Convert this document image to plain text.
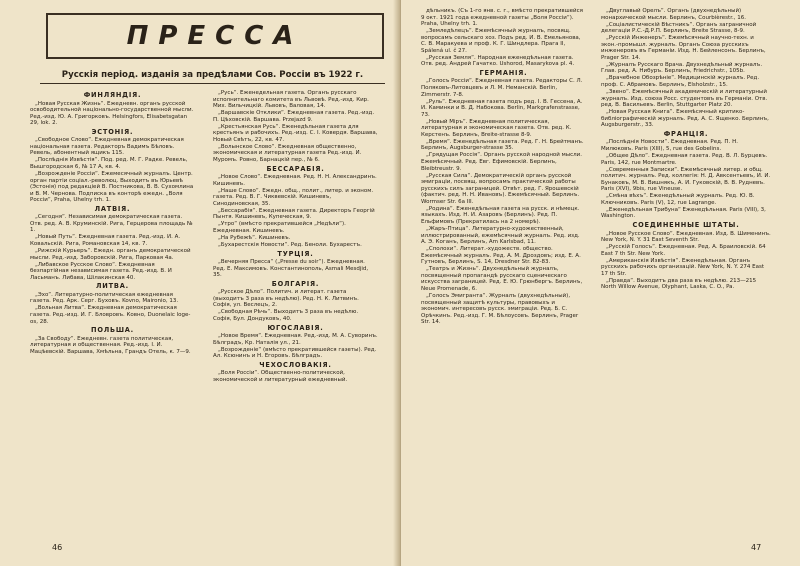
ПРЕССА
Русскія період. изданія за предѣлами Сов. Россіи въ 1922 г.
ФИНЛЯНДІЯ.
„Новая Русская Жизнь“. Ежедневн. органъ русской освободительной національно-государственной мысли. Ред.-изд. Ю. А. Григорковъ. Helsingfors, Elisabetsgatan 29, lok. 2.
ЭСТОНІЯ.
„Свободное Слово“. Ежедневная демократическая національная газета. Редакторъ Вадимъ Бѣловъ. Ревель, абонентный ящикъ 115.
„Послѣднія Извѣстія“. Под. ред. М. Г. Радке. Ревель, Вышгородская 6, № 17 А, кв. 4.
„Возрожденіе Россіи“. Ежемесячный журналъ. Центр. орган партіи соціал.-революц. Выходитъ въ Юрьевѣ (Эстонія) под редакціей В. Постникова, В. В. Сухомлина и В. М. Чернова. Подписка въ конторѣ ежедн. „Воля Россіи“, Praha, Uhelny trh. 1.
ЛАТВІЯ.
„Сегодня“. Независимая демократическая газета. Отв. ред. А. В. Круминскій. Рига, Герцерова площадь № 1.
„Новый Путь“. Ежедневная газета. Ред.-изд. И. А. Ковальскій. Рига, Романовская 14, кв. 7.
„Рижскій Курьеръ“. Ежедн. органъ демократической мысли. Ред.-изд. Заборовскій. Рига, Парковая 4а.
„Либавское Русское Слово“. Ежедневная безпартійная независимая газета. Ред.-изд. В. И Ласьманъ. Либава, Шілакинская 40.
ЛИТВА.
„Эхо“. Литературно-политическая ежедневная газета. Ред. Арк. Серг. Буховъ. Kovno, Maironio, 13.
„Вольная Литва“. Ежедневная демократическая газета. Ред.-изд. И. Г. Бловровъ. Ковно, Duonelaic loge-os, 28.
ПОЛЬША.
„За Свободу“. Ежедневн. газета политическая, литературная и общественная. Ред.-изд. І. И. Мацѣевскій. Варшава, Хмѣльна, Грандъ Отель, к. 7—9.
„Русь“. Еженедельная газета. Органъ русскаго исполнительнаго комитета въ Львовѣ. Ред.-изд. Кир. Мих. Вильчицкій. Львовъ, Валовая, 14.
„Варшавскіе Отклики“. Ежедневная газета. Ред.-изд. П. Цѣховскій. Варшава. Przejazd 9.
„Крестьянская Русь“. Еженедѣльная газета для крестьянъ и рабочихъ. Ред.-изд. С. І. Ковердя. Варшава, Новый Свѣтъ, 22, кв. 47.
„Волынское Слово“. Ежедневная общественно, экономическая и литературная газета Ред.-изд. И. Муромъ. Ровно, Барнацкій пер., № 6.
БЕССАРАБІЯ.
„Новое Слово“. Ежедневная. Ред. Н. Н. Александринъ. Кишиневъ.
„Наше Слово“. Ежедн. общ., полит., литер. и эконом. газета. Ред. В. Г. Чиквевскій. Кишиневъ, Синодиновская, 35.
„Бессарабія“. Ежедневная газета. Директоръ Георгій Пынтя. Кишиневъ, Купеческая, 9.
„Утро“ (вмѣсто прекратившейся „Недѣли“). Ежедневная. Кишиневъ.
„На Рубежѣ“. Кишиневъ.
„Бухарестскія Новости“. Ред. Беноли. Бухарестъ.
ТУРЦІЯ.
„Вечерняя Пресса“ („Presse du soir“). Ежедневная. Ред. Е. Максимовъ. Константинополь, Asmali Mesdjid, 35.
БОЛГАРІЯ.
„Русское Дѣло“. Политич. и литерат. газета (выходитъ 3 раза въ недѣлю). Ред. Н. К. Литвинъ. Софія, ул. Веслецъ, 2.
„Свободная Рѣчь“. Выходитъ 3 раза въ недѣлю. Софія, Бул. Дондуковъ, 40.
ЮГОСЛАВІЯ.
„Новое Время“. Ежедневная. Ред.-изд. М. А. Суворинъ. Бѣлградъ, Кр. Наталія ул., 21.
„Возрожденіе“ (вмѣсто прекратившейся газеты). Ред. Ал. Ксюнинъ и Н. Егоровъ. Бѣлградъ.
ЧЕХОСЛОВАКІЯ.
„Воля Россіи“. Общественно-политической, экономической и литературный ежедневный.
46
дѣльникъ. (Съ 1-го янв. с. г., вмѣсто прекратившейся 9 окт. 1921 года ежедневной газеты „Воля Россіи“). Praha, Uhelny trh. 1.
„Земледѣлецъ“. Ежемѣсячный журналъ, посвящ. вопросамъ сельскаго хоз. Подъ ред. И. В. Емельянова, С. В. Маракуева и проф. К. Г. Шиндлера. Прага II, Spálená ul. č 27.
„Русская Земля“. Народная еженедѣльная газета. Отв. ред. Андрей Гачатко. Ushorod, Masarykova pl. 4.
ГЕРМАНІЯ.
„Голосъ Россіи“. Ежедневная газета. Редакторы С. Л. Поляковъ-Литовцевъ и Л. М. Неманскій. Berlin, Zimmerstr. 7-8.
„Руль“. Ежедневная газета подъ ред. І. В. Гессена, А. И. Каминки и В. Д. Набокова. Berlin, Markgrafenstrasse, 73.
„Новый Міръ“. Ежедневная политическая, литературная и экономическая газета. Отв. ред. К. Керстенъ. Берлинъ, Breite-strasse 8-9.
„Время“. Еженедѣльная газета. Ред. Г. Н. Брейтманъ. Берлинъ, Augsburger-strasse 35.
„Грядущая Россія“. Органъ русской народной мысли. Ежемѣсячный. Ред. Евг. Ефимовскій. Берлинъ, Bleibtreustr. 9.
„Русская Сила“. Демократическій органъ русской эмиграціи, посвящ. вопросамъ практической работы русскихъ силъ заграницей. Отвѣт. ред. Г. Ярошевскій (фактич. ред. Н. Н. Ивановъ). Ежемѣсячный. Берлинъ. Wormser Str. 6а III.
„Родина“. Еженедѣльная газета на русск. и нѣмецк. языкахъ. Изд. Н. И. Азаровъ (Берлинъ). Ред. П. Ельфимовъ (Прекратилась на 2 номерѣ).
„Жаръ-Птица“. Литературно-художественный, иллюстрированный, ежемѣсячный журналъ. Ред. изд. А. Э. Коганъ, Берлинъ, Am Karlsbad, 11.
„Сполохи“. Литерат.-художеств. общество. Ежемѣсячный журналъ. Ред. А. М. Дроздовъ; изд. Е. А. Гутновъ, Берлинъ, S. 14, Dresdner Str. 82-83.
„Театръ и Жизнь“. Двухнедѣльный журналъ, посвященный пропагандѣ русскаго сценическаго искусства заграницей. Ред. Е. Ю. Грюнбергъ. Берлинъ, Neue Promenade, 6.
„Голосъ Эмигранта“. Журналъ (двухнедѣльный), посвященный защитѣ культуры, правовыхъ и экономич. интересовъ русск. эмиграціи. Ред. Б. С. Орѣчкинъ. Ред.-изд. Г. М. Бѣлоусовъ. Берлинъ, Prager Str. 14.
„Двуглавый Орелъ“. Органъ (двухнедѣльный) монархической мысли. Берлинъ, Courbièrestr., 16.
„Соціалистическій Вѣстникъ“. Органъ заграничной делегаціи Р.С.-Д.Р.П. Берлинъ, Breite Strasse, 8-9.
„Русскій Инженеръ“. Ежемѣсячный научно-техн. и экон.-промышл. журналъ. Органъ Союза русскихъ инженеровъ въ Германіи. Изд. Н. Бейленсонъ. Берлинъ, Prager Str. 14.
„Журналъ Русскаго Врача. Двухнедѣльный журналъ. Глав. ред. А. Нибуръ. Берлинъ, Friedrichstr., 105b.
„Врачебное Обозрѣніе“. Медицинскій журналъ. Ред. проф. С. Абрамовъ. Берлинъ, Elsholzstr., 15.
„Звено“. Ежемѣсячный академическій и литературный журналъ. Изд. союза Росс. студентовъ въ Германіи. Отв. ред. В. Васильевъ. Berlin, Stuttgarter Platz 20.
„Новая Русская Книга“. Ежемѣсячный критико-библіографическій журналъ. Ред. А. С. Ященко. Берлинъ, Augsburgerstr., 33.
ФРАНЦІЯ.
„Послѣднія Новости“. Ежедневная. Ред. П. Н. Милюковъ. Paris (XIII), 5, rue des Gobelins.
„Общее Дѣло“. Ежедневная газета. Ред. В. Л. Бурцевъ. Paris, 142, rue Montmartre.
„Современныя Записки“. Ежемѣсячный литер. и общ. политич. журналъ. Ред. коллегія: Н. Д. Авксентьевъ, И. И. Бунаковъ, М. В. Вишнякъ, А. И. Гуковскій, В. В. Рудневъ. Paris (XVI), 9bis, rue Vineuse.
„Смѣна вѣхъ“. Еженедѣльный журналъ. Ред. Ю. В. Ключниковъ. Paris (V), 12, rue Lagrange.
„Еженедѣльная Трибуна“ Еженедѣльная. Paris (VIII), 3, Washington.
СОЕДИНЕННЫЕ ШТАТЫ.
„Новое Русское Слово“. Ежедневная. Изд. В. Шименинъ. New York, N. Y. 31 East Seventh Str.
„Русскій Голосъ“. Ежедневная. Ред. А. Браиловскій. 64 East 7 th Str. New York.
„Американскія Извѣстія“. Еженедѣльная. Органъ русскихъ рабочихъ организацій. New York, N. Y. 274 East 17 th Str.
„Правда“. Выходитъ два раза въ недѣлю. 213—215 North Willow Avenue, Olyphant, Laska, C. O., Pa.
47
